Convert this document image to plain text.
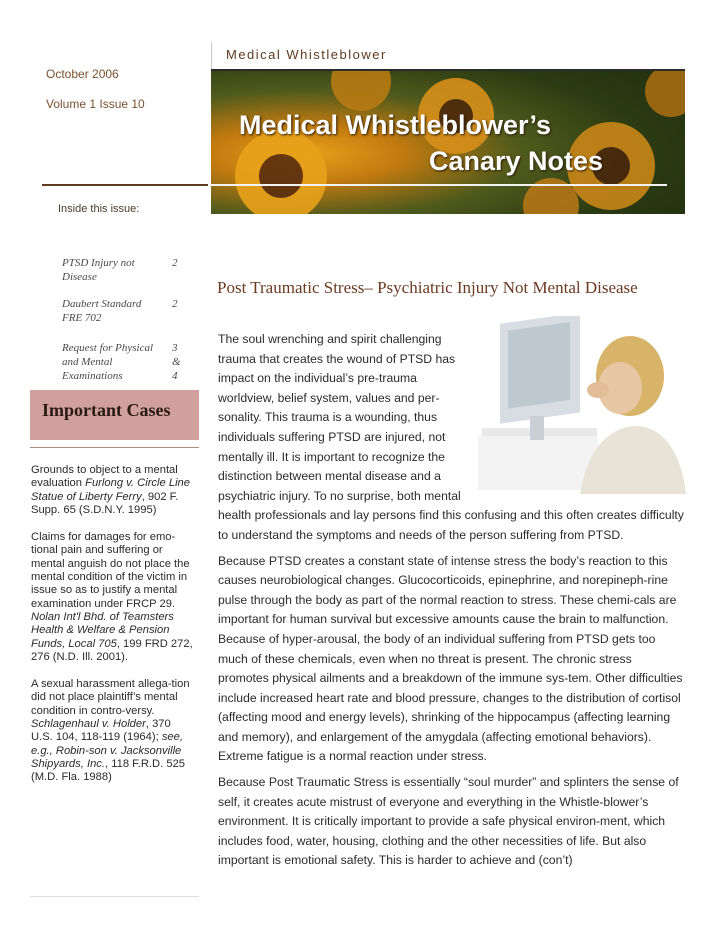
October 2006
Volume 1 Issue 10
Inside this issue:
PTSD Injury not Disease
2
Daubert Standard FRE 702
2
Request for Physical and Mental Examinations
3 & 4
Important Cases
Grounds to object to a mental evaluation Furlong v. Circle Line Statue of Liberty Ferry, 902 F. Supp. 65 (S.D.N.Y. 1995)
Claims for damages for emo-tional pain and suffering or mental anguish do not place the mental condition of the victim in issue so as to justify a mental examination under FRCP 29. Nolan Int'l Bhd. of Teamsters Health & Welfare & Pension Funds, Local 705, 199 FRD 272, 276 (N.D. Ill. 2001).
A sexual harassment allega-tion did not place plaintiff’s mental condition in contro-versy. Schlagenhaul v. Holder, 370 U.S. 104, 118-119 (1964); see, e.g., Robin-son v. Jacksonville Shipyards, Inc., 118 F.R.D. 525 (M.D. Fla. 1988)
Medical Whistleblower
Medical Whistleblower’s
Canary Notes
Post Traumatic Stress– Psychiatric Injury Not Mental Disease

The soul wrenching and spirit challenging trauma that creates the wound of PTSD has impact on the individual’s pre-trauma worldview, belief system, values and per-sonality. This trauma is a wounding, thus individuals suffering PTSD are injured, not mentally ill. It is important to recognize the distinction between mental disease and a psychiatric injury. To no surprise, both mental health professionals and lay persons find this confusing and this often creates difficulty to understand the symptoms and needs of the person suffering from PTSD.

Because PTSD creates a constant state of intense stress the body’s reaction to this causes neurobiological changes. Glucocorticoids, epinephrine, and norepineph-rine pulse through the body as part of the normal reaction to stress. These chemi-cals are important for human survival but excessive amounts cause the brain to malfunction. Because of hyper-arousal, the body of an individual suffering from PTSD gets too much of these chemicals, even when no threat is present. The chronic stress promotes physical ailments and a breakdown of the immune sys-tem. Other difficulties include increased heart rate and blood pressure, changes to the distribution of cortisol (affecting mood and energy levels), shrinking of the hippocampus (affecting learning and memory), and enlargement of the amygdala (affecting emotional behaviors). Extreme fatigue is a normal reaction under stress.

Because Post Traumatic Stress is essentially “soul murder” and splinters the sense of self, it creates acute mistrust of everyone and everything in the Whistle-blower’s environment. It is critically important to provide a safe physical environ-ment, which includes food, water, housing, clothing and the other necessities of life. But also important is emotional safety. This is harder to achieve and (con’t)
